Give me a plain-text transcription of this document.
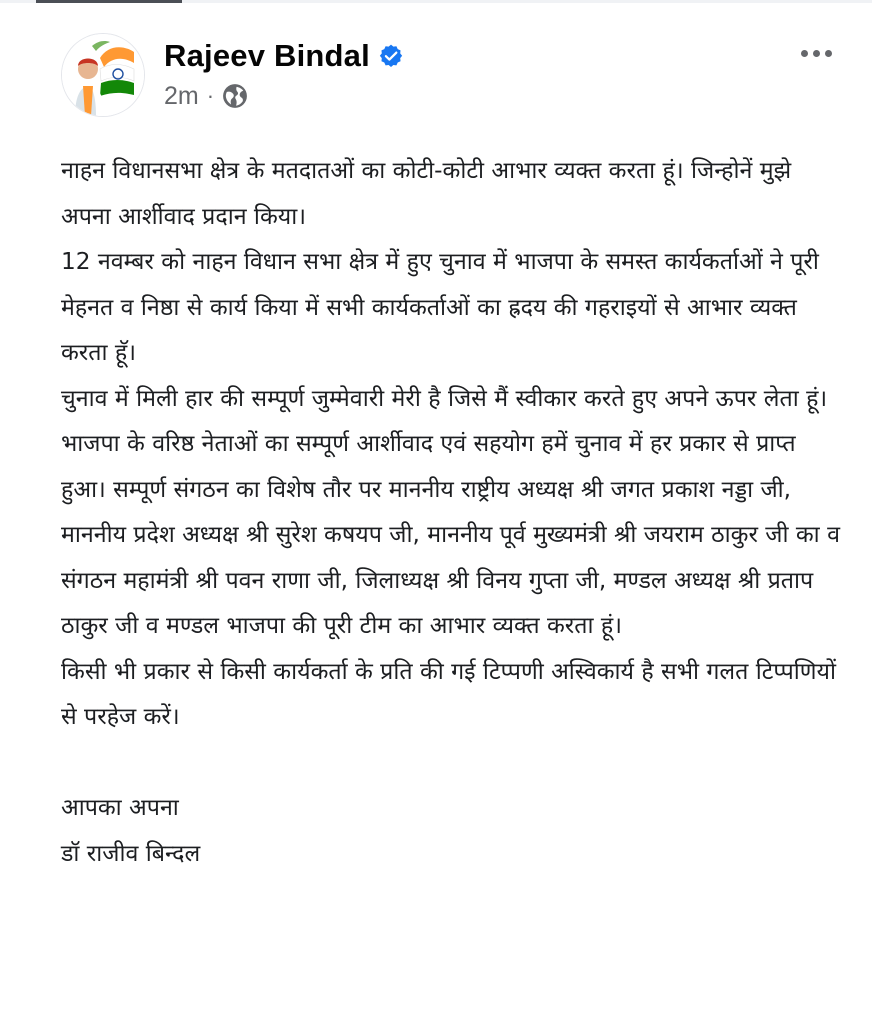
Rajeev Bindal
2m ·

नाहन विधानसभा क्षेत्र के मतदातओं का कोटी-कोटी आभार व्यक्त करता हूं। जिन्होनें मुझे अपना आर्शीवाद प्रदान किया।

12 नवम्बर को नाहन विधान सभा क्षेत्र में हुए चुनाव में भाजपा के समस्त कार्यकर्ताओं ने पूरी मेहनत व निष्ठा से कार्य किया में सभी कार्यकर्ताओं का ह्रदय की गहराइयों से आभार व्यक्त करता हूॅ।

चुनाव में मिली हार की सम्पूर्ण जुम्मेवारी मेरी है जिसे मैं स्वीकार करते हुए अपने ऊपर लेता हूं।

भाजपा के वरिष्ठ नेताओं का सम्पूर्ण आर्शीवाद एवं सहयोग हमें चुनाव में हर प्रकार से प्राप्त हुआ। सम्पूर्ण संगठन का विशेष तौर पर माननीय राष्ट्रीय अध्यक्ष श्री जगत प्रकाश नड्डा जी, माननीय प्रदेश अध्यक्ष श्री सुरेश कषयप जी, माननीय पूर्व मुख्यमंत्री श्री जयराम ठाकुर जी का व संगठन महामंत्री श्री पवन राणा जी, जिलाध्यक्ष श्री विनय गुप्ता जी, मण्डल अध्यक्ष श्री प्रताप ठाकुर जी व मण्डल भाजपा की पूरी टीम का आभार व्यक्त करता हूं।

किसी भी प्रकार से किसी कार्यकर्ता के प्रति की गई टिप्पणी अस्विकार्य है सभी गलत टिप्पणियों से परहेज करें।

आपका अपना

डॉ राजीव बिन्दल
